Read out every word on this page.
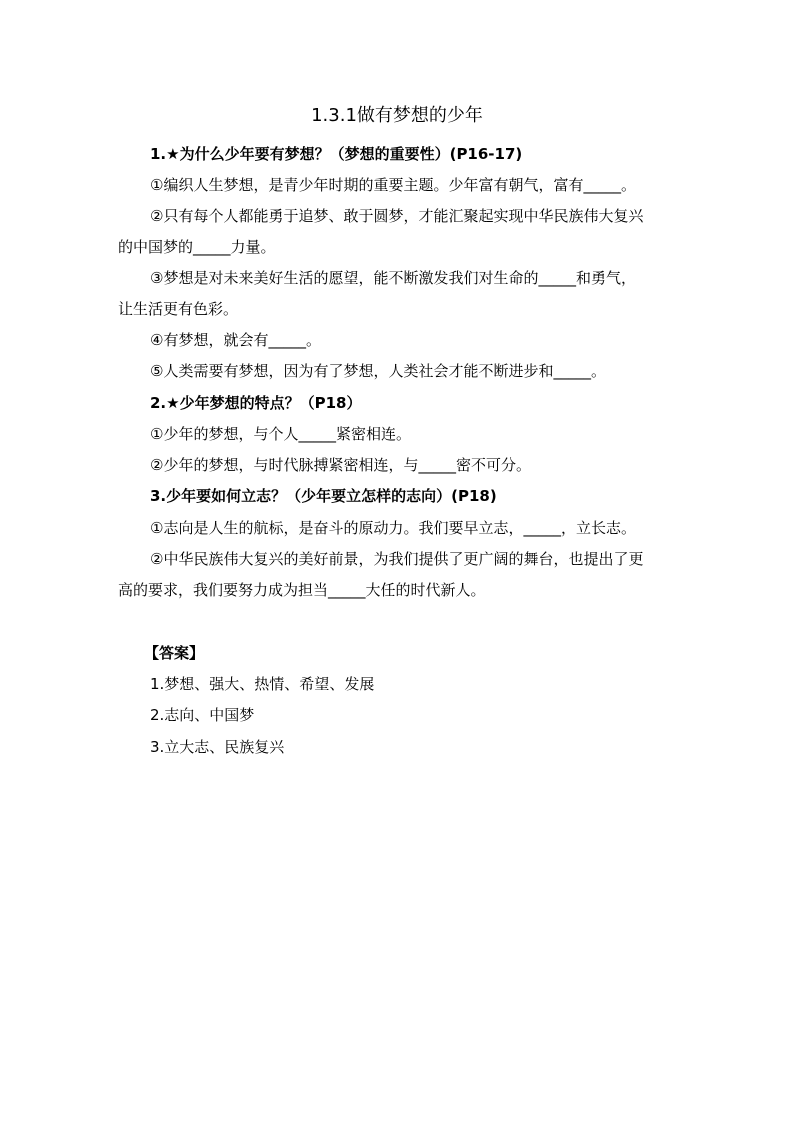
1.3.1做有梦想的少年
1.★为什么少年要有梦想？（梦想的重要性）(P16-17)
①编织人生梦想，是青少年时期的重要主题。少年富有朝气，富有_____。
②只有每个人都能勇于追梦、敢于圆梦，才能汇聚起实现中华民族伟大复兴
的中国梦的_____力量。
③梦想是对未来美好生活的愿望，能不断激发我们对生命的_____和勇气，
让生活更有色彩。
④有梦想，就会有_____。
⑤人类需要有梦想，因为有了梦想，人类社会才能不断进步和_____。
2.★少年梦想的特点？（P18）
①少年的梦想，与个人_____紧密相连。
②少年的梦想，与时代脉搏紧密相连，与_____密不可分。
3.少年要如何立志？（少年要立怎样的志向）(P18)
①志向是人生的航标，是奋斗的原动力。我们要早立志，_____，立长志。
②中华民族伟大复兴的美好前景，为我们提供了更广阔的舞台，也提出了更
高的要求，我们要努力成为担当_____大任的时代新人。
【答案】
1.梦想、强大、热情、希望、发展
2.志向、中国梦
3.立大志、民族复兴
